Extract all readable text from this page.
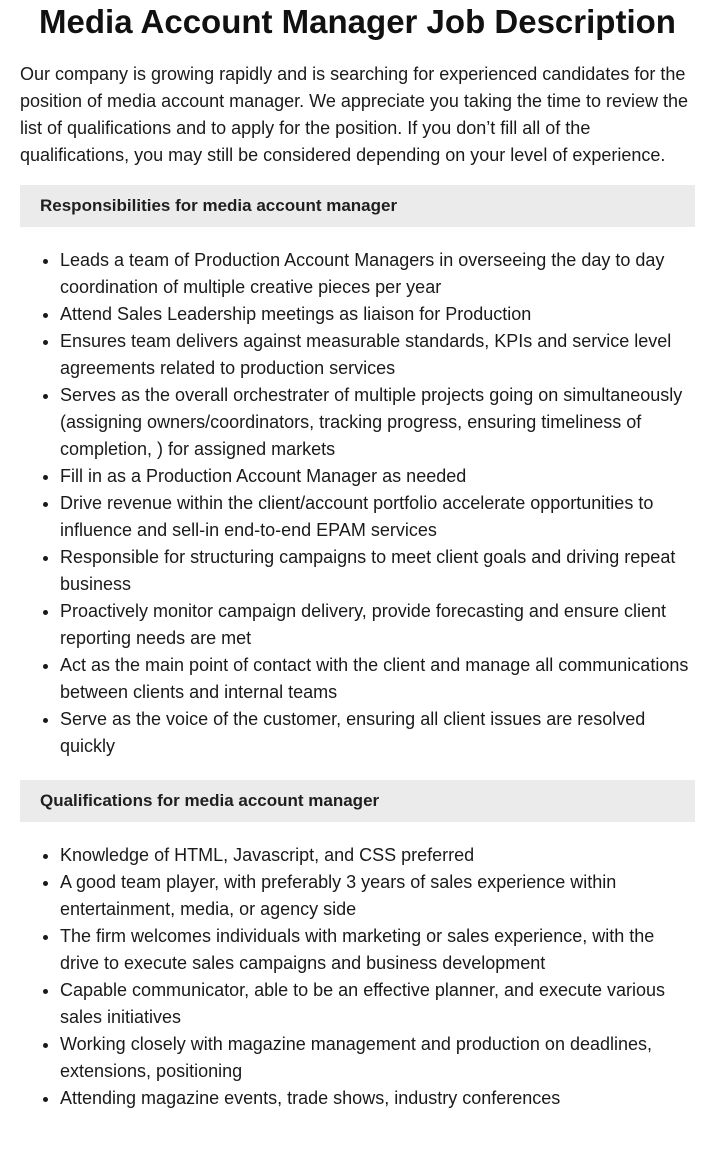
Media Account Manager Job Description

Our company is growing rapidly and is searching for experienced candidates for the position of media account manager. We appreciate you taking the time to review the list of qualifications and to apply for the position. If you don’t fill all of the qualifications, you may still be considered depending on your level of experience.

Responsibilities for media account manager
• Leads a team of Production Account Managers in overseeing the day to day coordination of multiple creative pieces per year
• Attend Sales Leadership meetings as liaison for Production
• Ensures team delivers against measurable standards, KPIs and service level agreements related to production services
• Serves as the overall orchestrater of multiple projects going on simultaneously (assigning owners/coordinators, tracking progress, ensuring timeliness of completion, ) for assigned markets
• Fill in as a Production Account Manager as needed
• Drive revenue within the client/account portfolio accelerate opportunities to influence and sell-in end-to-end EPAM services
• Responsible for structuring campaigns to meet client goals and driving repeat business
• Proactively monitor campaign delivery, provide forecasting and ensure client reporting needs are met
• Act as the main point of contact with the client and manage all communications between clients and internal teams
• Serve as the voice of the customer, ensuring all client issues are resolved quickly
Qualifications for media account manager
• Knowledge of HTML, Javascript, and CSS preferred
• A good team player, with preferably 3 years of sales experience within entertainment, media, or agency side
• The firm welcomes individuals with marketing or sales experience, with the drive to execute sales campaigns and business development
• Capable communicator, able to be an effective planner, and execute various sales initiatives
• Working closely with magazine management and production on deadlines, extensions, positioning
• Attending magazine events, trade shows, industry conferences
